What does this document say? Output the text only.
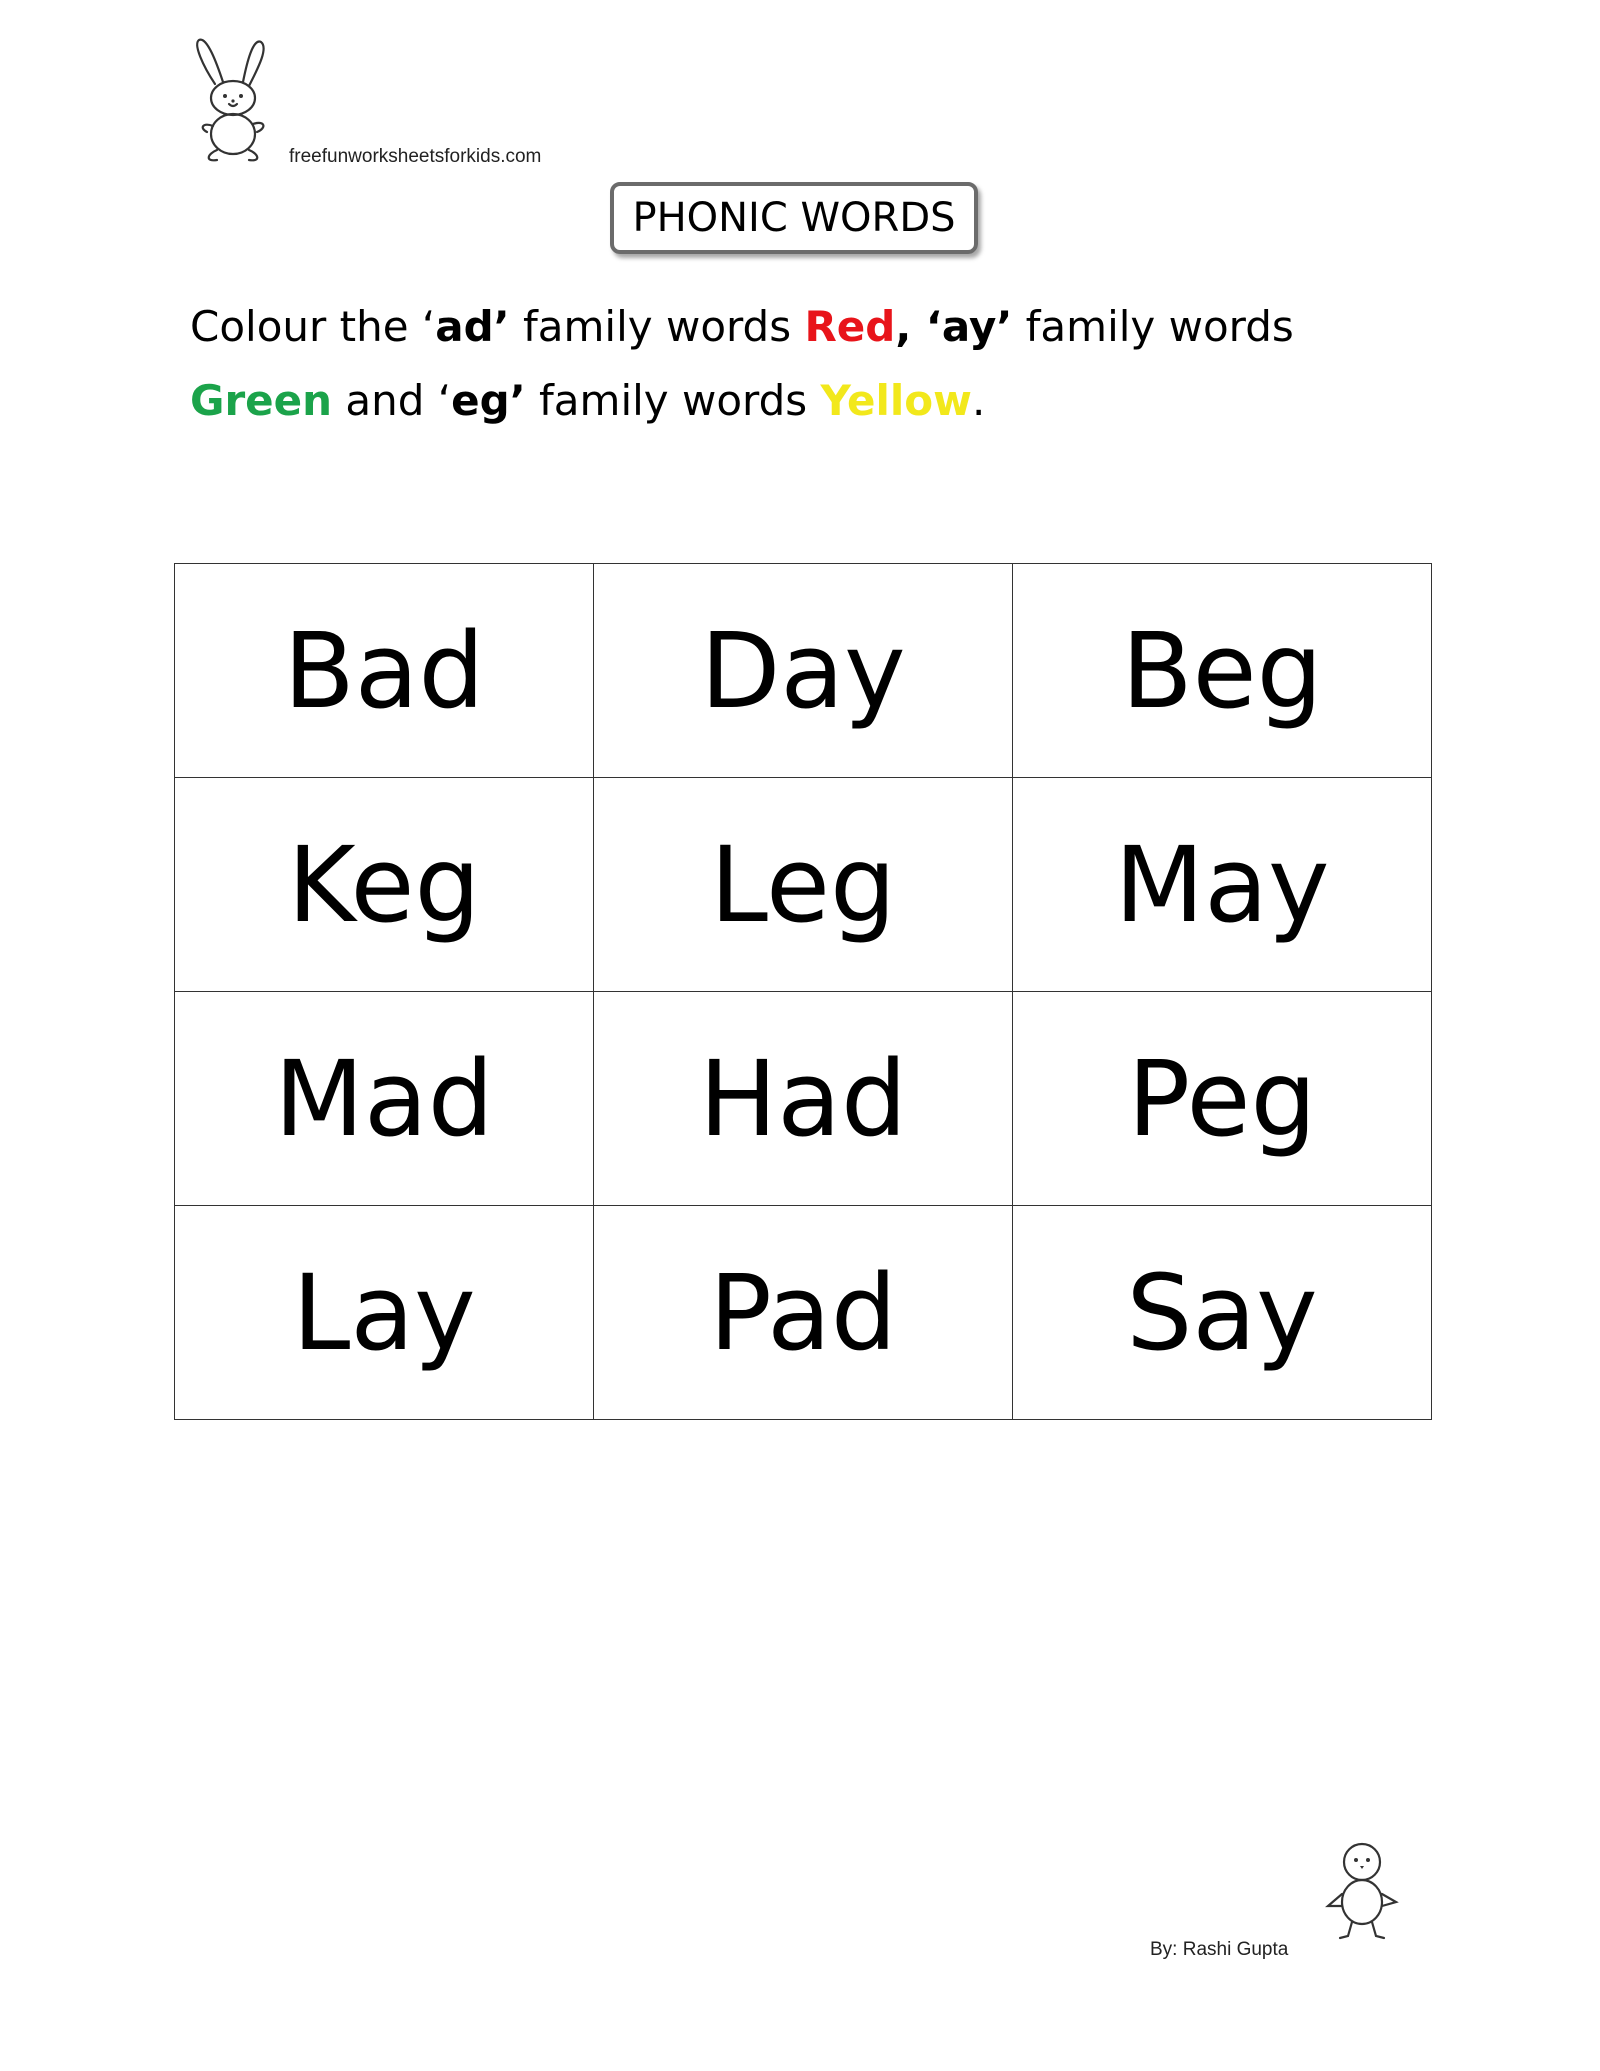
freefunworksheetsforkids.com
PHONIC WORDS
Colour the ‘ad’ family words Red, ‘ay’ family words
Green and ‘eg’ family words Yellow.
Bad	Day	Beg
Keg	Leg	May
Mad	Had	Peg
Lay	Pad	Say
By: Rashi Gupta
